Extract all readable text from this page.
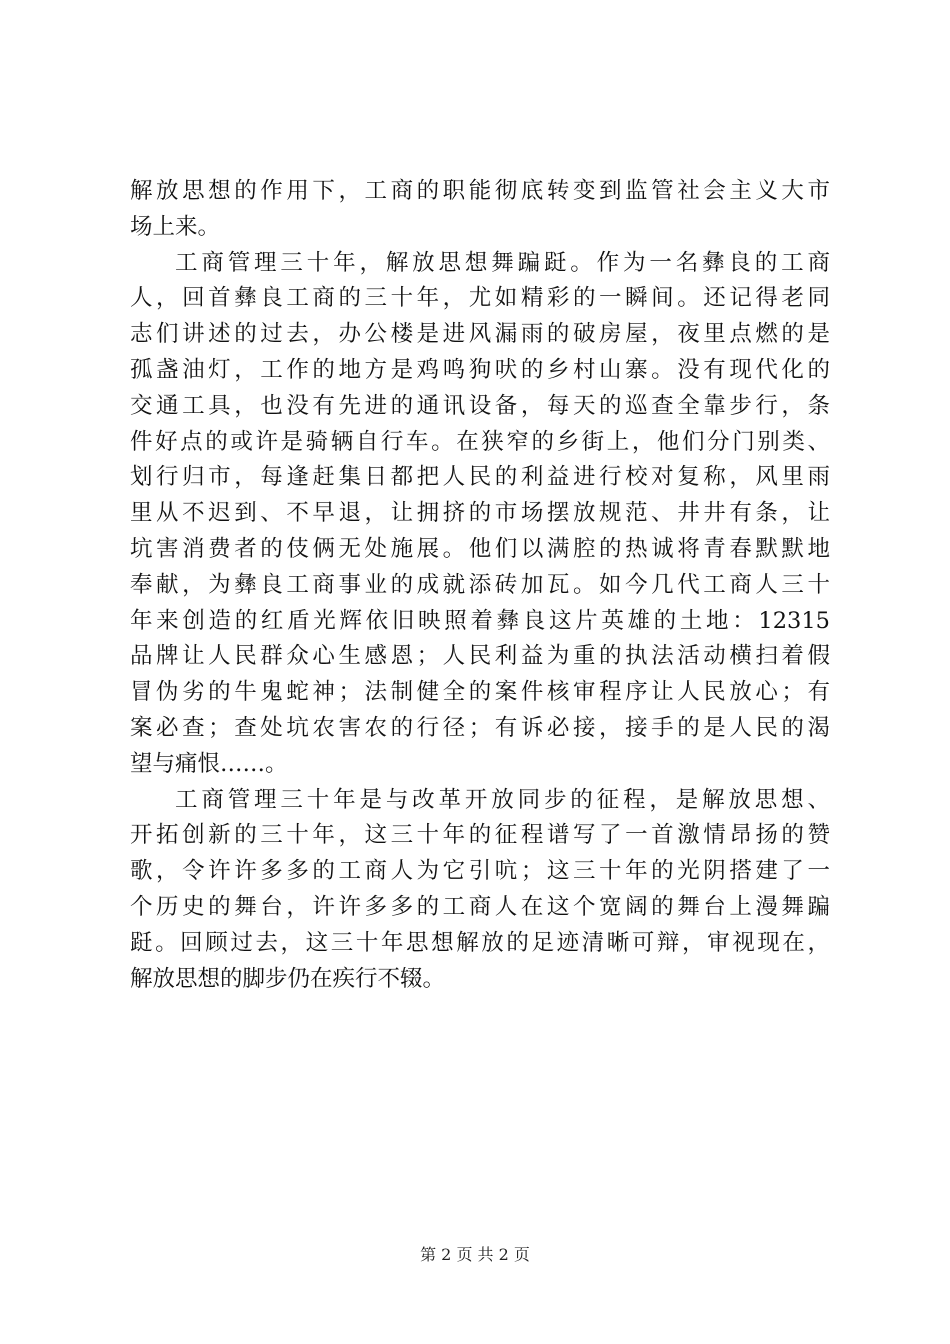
解放思想的作用下，工商的职能彻底转变到监管社会主义大市
场上来。
工商管理三十年，解放思想舞蹁跹。作为一名彝良的工商
人，回首彝良工商的三十年，尤如精彩的一瞬间。还记得老同
志们讲述的过去，办公楼是进风漏雨的破房屋，夜里点燃的是
孤盏油灯，工作的地方是鸡鸣狗吠的乡村山寨。没有现代化的
交通工具，也没有先进的通讯设备，每天的巡查全靠步行，条
件好点的或许是骑辆自行车。在狭窄的乡街上，他们分门别类、
划行归市，每逢赶集日都把人民的利益进行校对复称，风里雨
里从不迟到、不早退，让拥挤的市场摆放规范、井井有条，让
坑害消费者的伎俩无处施展。他们以满腔的热诚将青春默默地
奉献，为彝良工商事业的成就添砖加瓦。如今几代工商人三十
年来创造的红盾光辉依旧映照着彝良这片英雄的土地：12315
品牌让人民群众心生感恩；人民利益为重的执法活动横扫着假
冒伪劣的牛鬼蛇神；法制健全的案件核审程序让人民放心；有
案必查；查处坑农害农的行径；有诉必接，接手的是人民的渴
望与痛恨……。
工商管理三十年是与改革开放同步的征程，是解放思想、
开拓创新的三十年，这三十年的征程谱写了一首激情昂扬的赞
歌，令许许多多的工商人为它引吭；这三十年的光阴搭建了一
个历史的舞台，许许多多的工商人在这个宽阔的舞台上漫舞蹁
跹。回顾过去，这三十年思想解放的足迹清晰可辩，审视现在，
解放思想的脚步仍在疾行不辍。
第 2 页 共 2 页
